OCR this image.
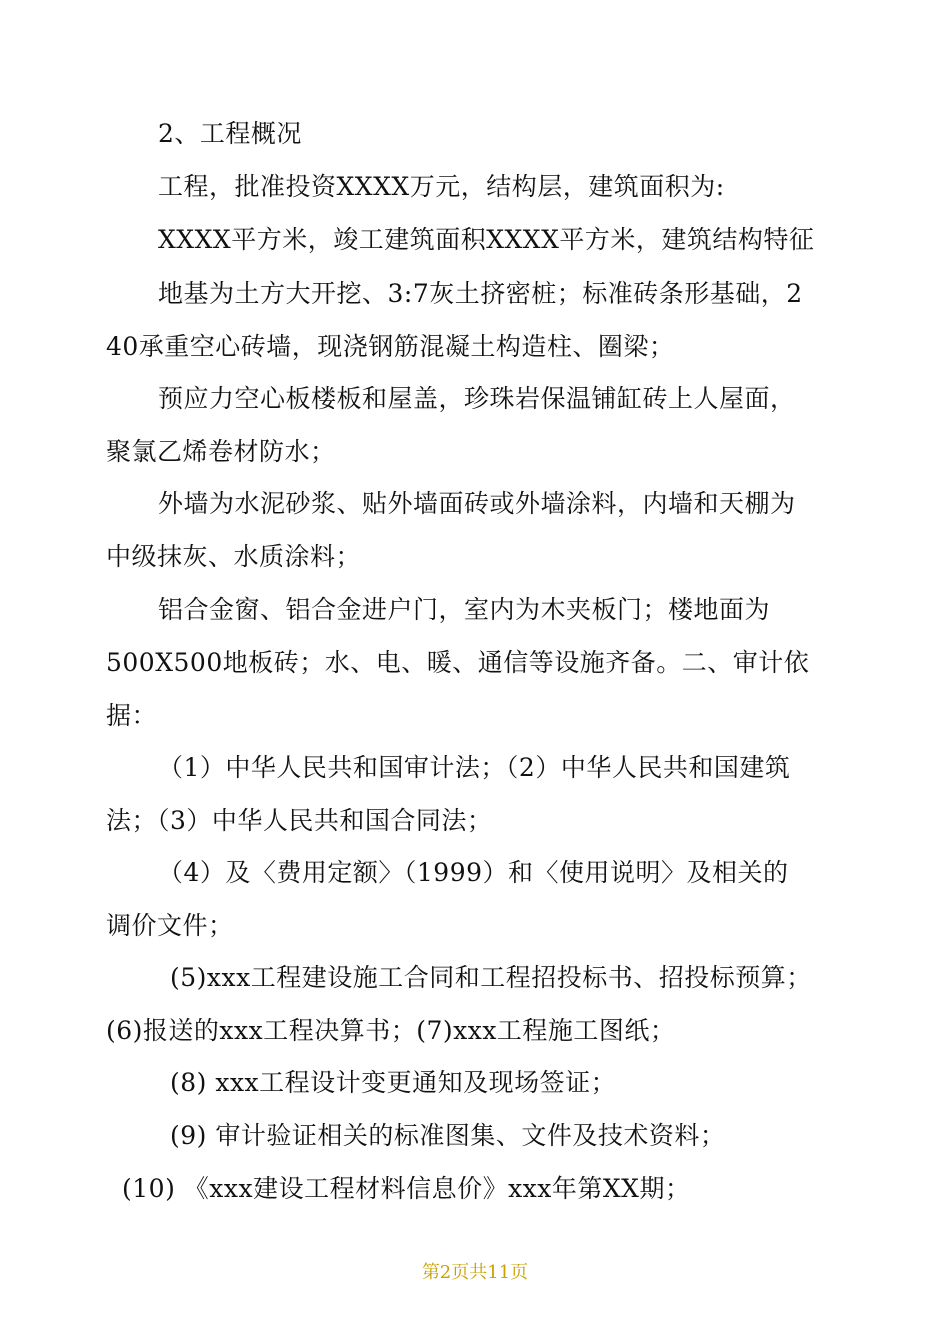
2、工程概况
工程，批准投资XXXX万元，结构层，建筑面积为:
XXXX平方米，竣工建筑面积XXXX平方米，建筑结构特征
地基为土方大开挖、3:7灰土挤密桩；标准砖条形基础，2
40承重空心砖墙，现浇钢筋混凝土构造柱、圈梁；
预应力空心板楼板和屋盖，珍珠岩保温铺缸砖上人屋面，
聚氯乙烯卷材防水；
外墙为水泥砂浆、贴外墙面砖或外墙涂料，内墙和天棚为
中级抹灰、水质涂料；
铝合金窗、铝合金进户门，室内为木夹板门；楼地面为
500X500地板砖；水、电、暖、通信等设施齐备。二、审计依
据：
（1）中华人民共和国审计法；（2）中华人民共和国建筑
法；（3）中华人民共和国合同法；
（4）及〈费用定额〉（1999）和〈使用说明〉及相关的
调价文件；
(5)xxx工程建设施工合同和工程招投标书、招投标预算；
(6)报送的xxx工程决算书；(7)xxx工程施工图纸；
(8) xxx工程设计变更通知及现场签证；
(9) 审计验证相关的标准图集、文件及技术资料；
(10) 《xxx建设工程材料信息价》xxx年第XX期；
第2页共11页
